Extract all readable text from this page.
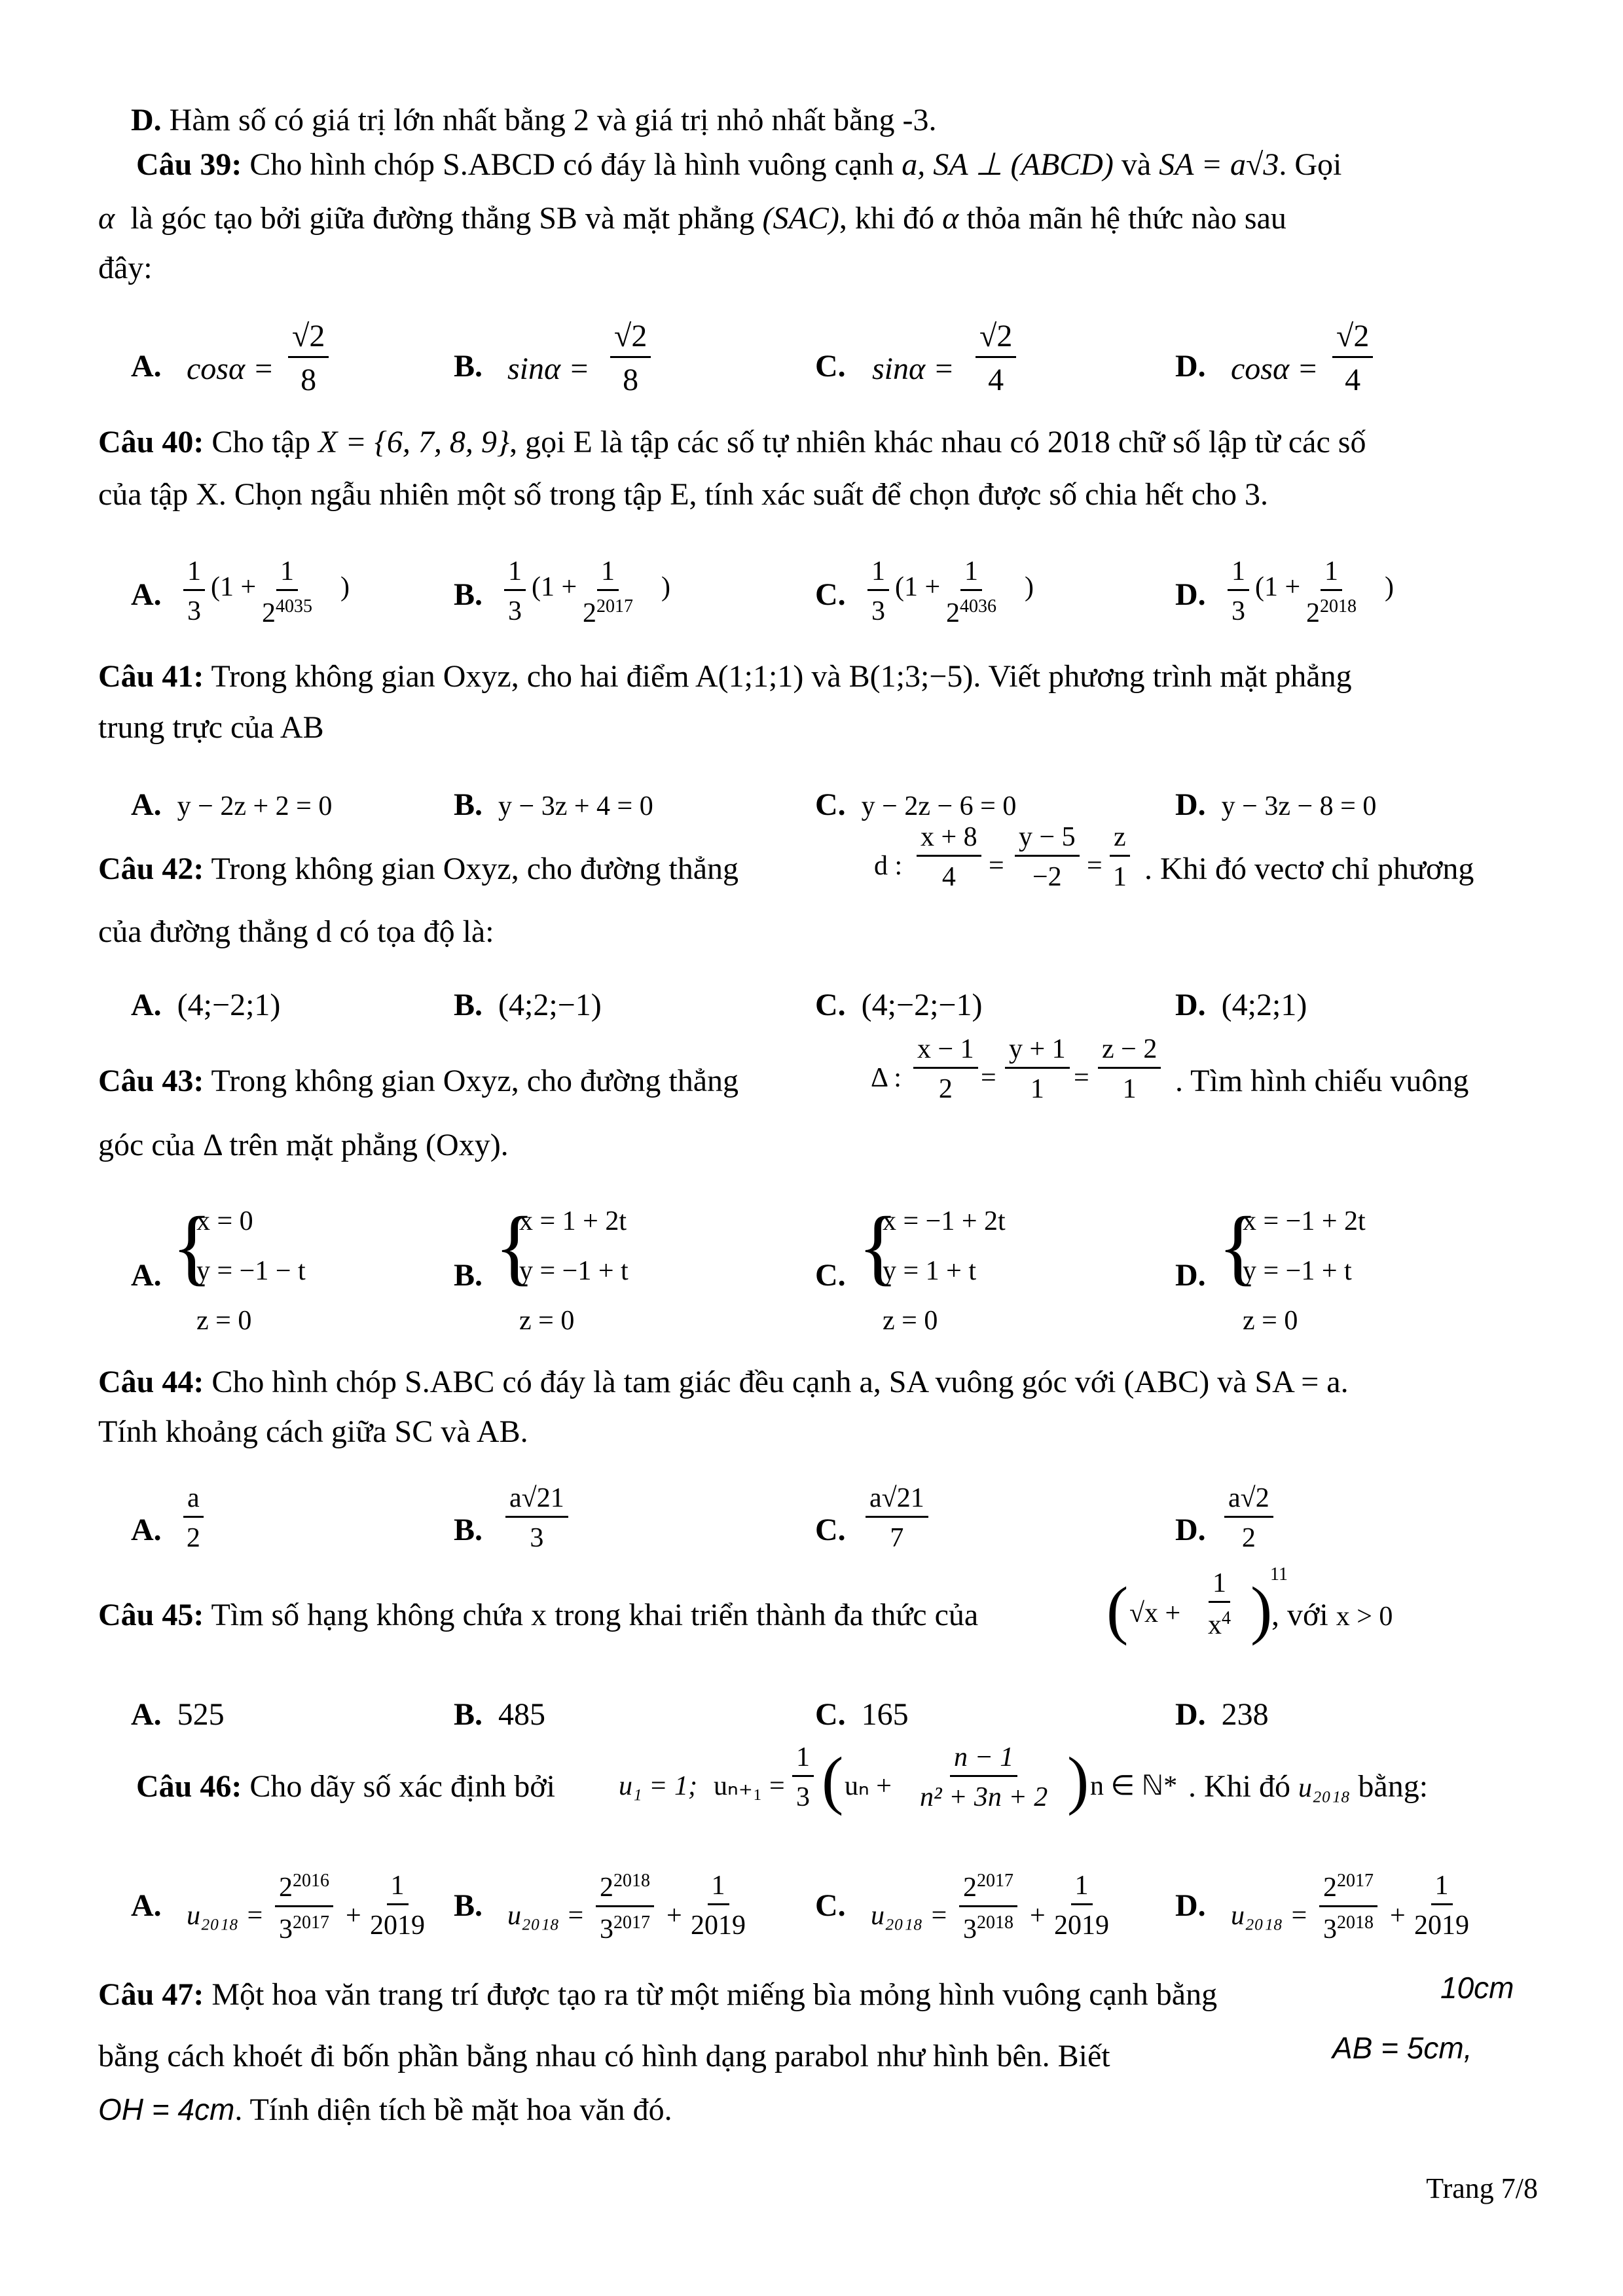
D. Hàm số có giá trị lớn nhất bằng 2 và giá trị nhỏ nhất bằng -3.
Câu 39: Cho hình chóp S.ABCD có đáy là hình vuông cạnh a, SA ⊥ (ABCD) và SA = a√3. Gọi
α là góc tạo bởi giữa đường thẳng SB và mặt phẳng (SAC), khi đó α thỏa mãn hệ thức nào sau
đây:
A. $\cos\alpha = \frac{√2}{8}$	B. $\sin\alpha = \frac{√2}{8}$	C. $\sin\alpha = \frac{√2}{4}$	D. $\cos\alpha = \frac{√2}{4}$
Câu 40: Cho tập X = {6, 7, 8, 9}, gọi E là tập các số tự nhiên khác nhau có 2018 chữ số lập từ các số
của tập X. Chọn ngẫu nhiên một số trong tập E, tính xác suất để chọn được số chia hết cho 3.
A. $\frac{1}{3} (1 + \frac{1}{2^{4035}}$ )	B. $\frac{1}{3} (1 + \frac{1}{2^{2017}}$ )	C. $\frac{1}{3} (1 + \frac{1}{2^{4036}}$ )	D. $\frac{1}{3} (1 + \frac{1}{2^{2018}}$ )
Câu 41: Trong không gian Oxyz, cho hai điểm A(1;1;1) và B(1;3;−5). Viết phương trình mặt phẳng
trung trực của AB
A. y − 2z + 2 = 0	B. y − 3z + 4 = 0	C. y − 2z − 6 = 0	D. y − 3z − 8 = 0
Câu 42: Trong không gian Oxyz, cho đường thẳng	d : $\frac{x + 8}{4} = \frac{y - 5}{-2} = \frac{z}{1}$ . Khi đó vectơ chỉ phương
của đường thẳng d có tọa độ là:
A. (4;−2;1)	B. (4;2;−1)	C. (4;−2;−1)	D. (4;2;1)
Câu 43: Trong không gian Oxyz, cho đường thẳng	Δ : $\frac{x - 1}{2} = \frac{y + 1}{1} = \frac{z - 2}{1}$ . Tìm hình chiếu vuông
góc của Δ trên mặt phẳng (Oxy).
A. {
x = 0
y = −1 − t
z = 0
B. {
x = 1 + 2t
y = −1 + t
z = 0
C. {
x = −1 + 2t
y = 1 + t
z = 0
D. {
x = −1 + 2t
y = −1 + t
z = 0
Câu 44: Cho hình chóp S.ABC có đáy là tam giác đều cạnh a, SA vuông góc với (ABC) và SA = a.
Tính khoảng cách giữa SC và AB.
A. $\frac{a}{2}$	B. $\frac{a√21}{3}$	C. $\frac{a√21}{7}$	D. $\frac{a√2}{2}$
Câu 45: Tìm số hạng không chứa x trong khai triển thành đa thức của ( $√x + \frac{1}{x^4}$ )
11
, với x > 0
A. 525	B. 485	C. 165	D. 238
Câu 46: Cho dãy số xác định bởi u₁ = 1; $u_{n+1} = \frac{1}{3}$ ( $u_n + \frac{n - 1}{\text{n² + 3n + 2}}$ ) n ∈ ℕ* . Khi đó u₂₀₁₈ bằng:
A. $u_{2018} = \frac{2^{2016}}{3^{2017}} + \frac{1}{2019} B$. $u_{2018} = \frac{2^{2018}}{3^{2017}} + \frac{1}{2019} C$. $u_{2018} = \frac{2^{2017}}{3^{2018}} + \frac{1}{2019} D$. $u_{2018} = \frac{2^{2017}}{3^{2018}} + \frac{1}{2019}$
Câu 47: Một hoa văn trang trí được tạo ra từ một miếng bìa mỏng hình vuông cạnh bằng	10cm
bằng cách khoét đi bốn phần bằng nhau có hình dạng parabol như hình bên. Biết	AB = 5cm,
OH = 4cm. Tính diện tích bề mặt hoa văn đó.
Trang 7/8
